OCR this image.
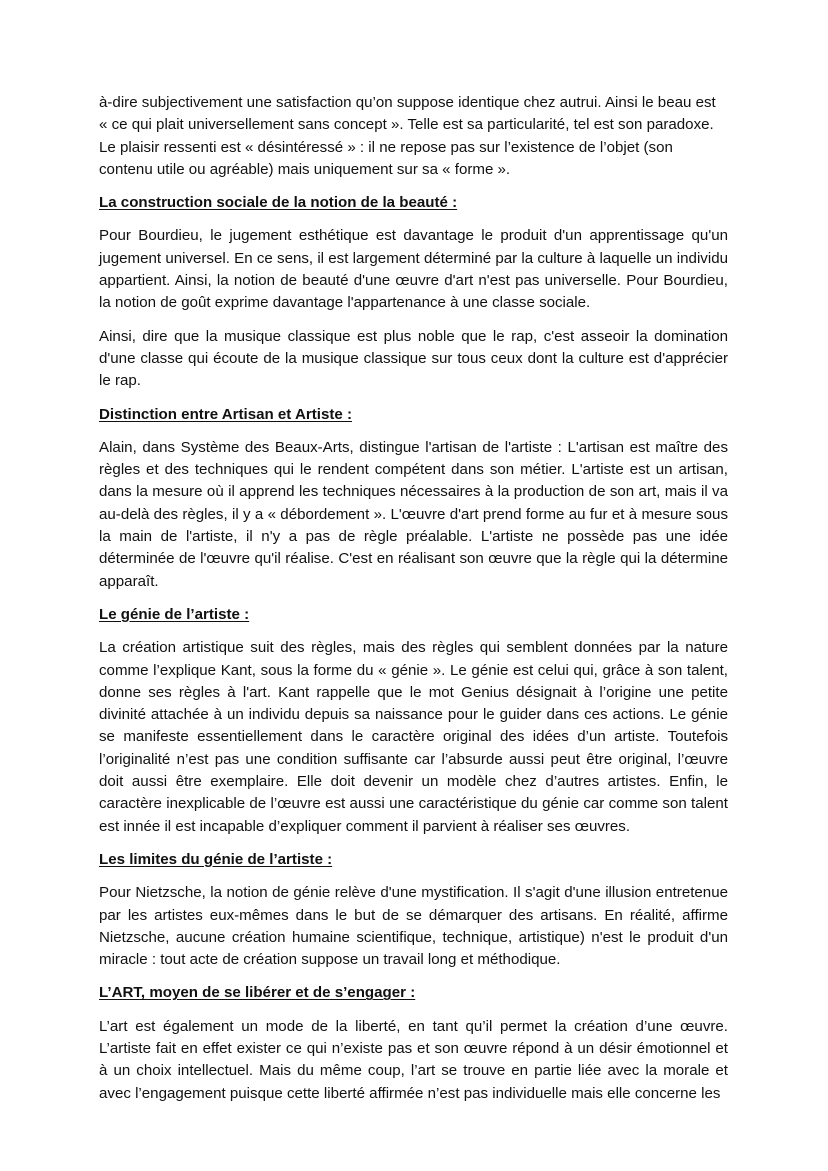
à-dire subjectivement une satisfaction qu’on suppose identique chez autrui. Ainsi le beau est « ce qui plait universellement sans concept ». Telle est sa particularité, tel est son paradoxe. Le plaisir ressenti est « désintéressé » : il ne repose pas sur l’existence de l’objet (son contenu utile ou agréable) mais uniquement sur sa « forme ».

La construction sociale de la notion de la beauté :

Pour Bourdieu, le jugement esthétique est davantage le produit d'un apprentissage qu'un jugement universel. En ce sens, il est largement déterminé par la culture à laquelle un individu appartient. Ainsi, la notion de beauté d'une œuvre d'art n'est pas universelle. Pour Bourdieu, la notion de goût exprime davantage l'appartenance à une classe sociale.

Ainsi, dire que la musique classique est plus noble que le rap, c'est asseoir la domination d'une classe qui écoute de la musique classique sur tous ceux dont la culture est d'apprécier le rap.

Distinction entre Artisan et Artiste :

Alain, dans Système des Beaux-Arts, distingue l'artisan de l'artiste : L'artisan est maître des règles et des techniques qui le rendent compétent dans son métier. L'artiste est un artisan, dans la mesure où il apprend les techniques nécessaires à la production de son art, mais il va au-delà des règles, il y a « débordement ». L'œuvre d'art prend forme au fur et à mesure sous la main de l'artiste, il n'y a pas de règle préalable. L'artiste ne possède pas une idée déterminée de l'œuvre qu'il réalise. C'est en réalisant son œuvre que la règle qui la détermine apparaît.

Le génie de l’artiste :

La création artistique suit des règles, mais des règles qui semblent données par la nature comme l’explique Kant, sous la forme du « génie ». Le génie est celui qui, grâce à son talent, donne ses règles à l'art. Kant rappelle que le mot Genius désignait à l’origine une petite divinité attachée à un individu depuis sa naissance pour le guider dans ces actions. Le génie se manifeste essentiellement dans le caractère original des idées d’un artiste. Toutefois l’originalité n’est pas une condition suffisante car l’absurde aussi peut être original, l’œuvre doit aussi être exemplaire. Elle doit devenir un modèle chez d’autres artistes. Enfin, le caractère inexplicable de l’œuvre est aussi une caractéristique du génie car comme son talent est innée il est incapable d’expliquer comment il parvient à réaliser ses œuvres.

Les limites du génie de l’artiste :

Pour Nietzsche, la notion de génie relève d'une mystification. Il s'agit d'une illusion entretenue par les artistes eux-mêmes dans le but de se démarquer des artisans. En réalité, affirme Nietzsche, aucune création humaine scientifique, technique, artistique) n'est le produit d'un miracle : tout acte de création suppose un travail long et méthodique.

L’ART, moyen de se libérer et de s’engager :

L’art est également un mode de la liberté, en tant qu’il permet la création d’une œuvre. L’artiste fait en effet exister ce qui n’existe pas et son œuvre répond à un désir émotionnel et à un choix intellectuel. Mais du même coup, l’art se trouve en partie liée avec la morale et avec l’engagement puisque cette liberté affirmée n’est pas individuelle mais elle concerne les
